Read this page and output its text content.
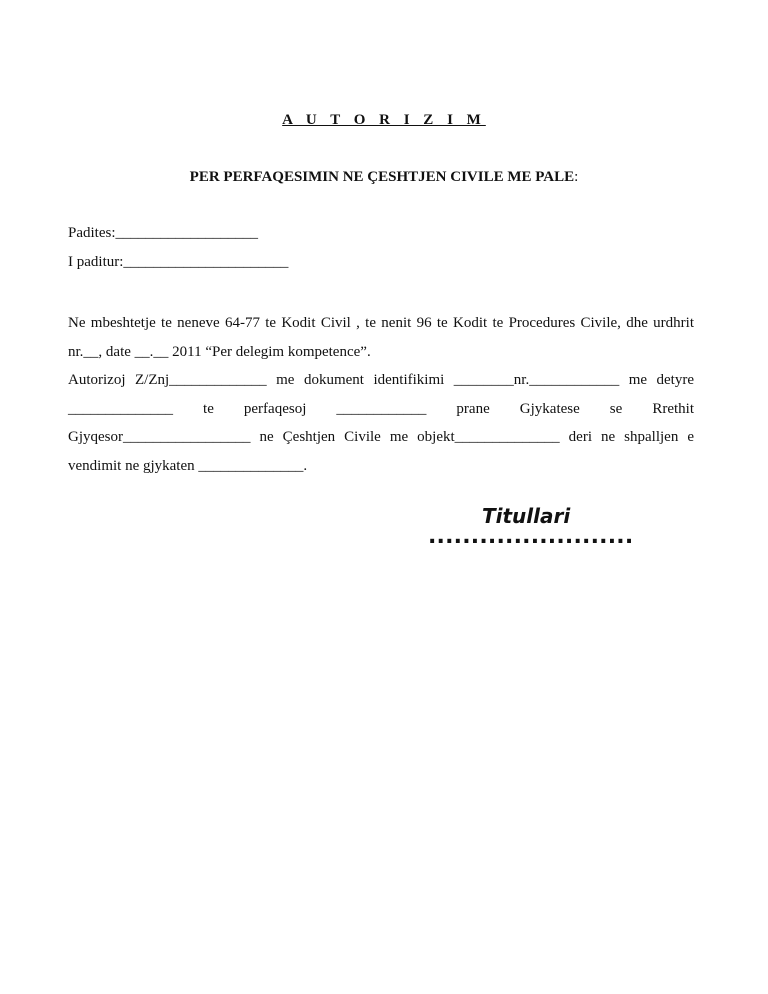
A U T O R I Z I M
PER PERFAQESIMIN NE ÇESHTJEN CIVILE ME PALE:
Padites:___________________
I paditur:______________________

Ne mbeshtetje te neneve 64-77 te Kodit Civil , te nenit 96 te Kodit te Procedures Civile, dhe urdhrit nr.__, date __.__ 2011 “Per delegim kompetence”.

Autorizoj Z/Znj_____________ me dokument identifikimi ________nr.____________ me detyre ______________ te perfaqesoj ____________ prane Gjykatese se Rrethit Gjyqesor_________________ ne Çeshtjen Civile me objekt______________ deri ne shpalljen e vendimit ne gjykaten ______________.

Titullari
........................
